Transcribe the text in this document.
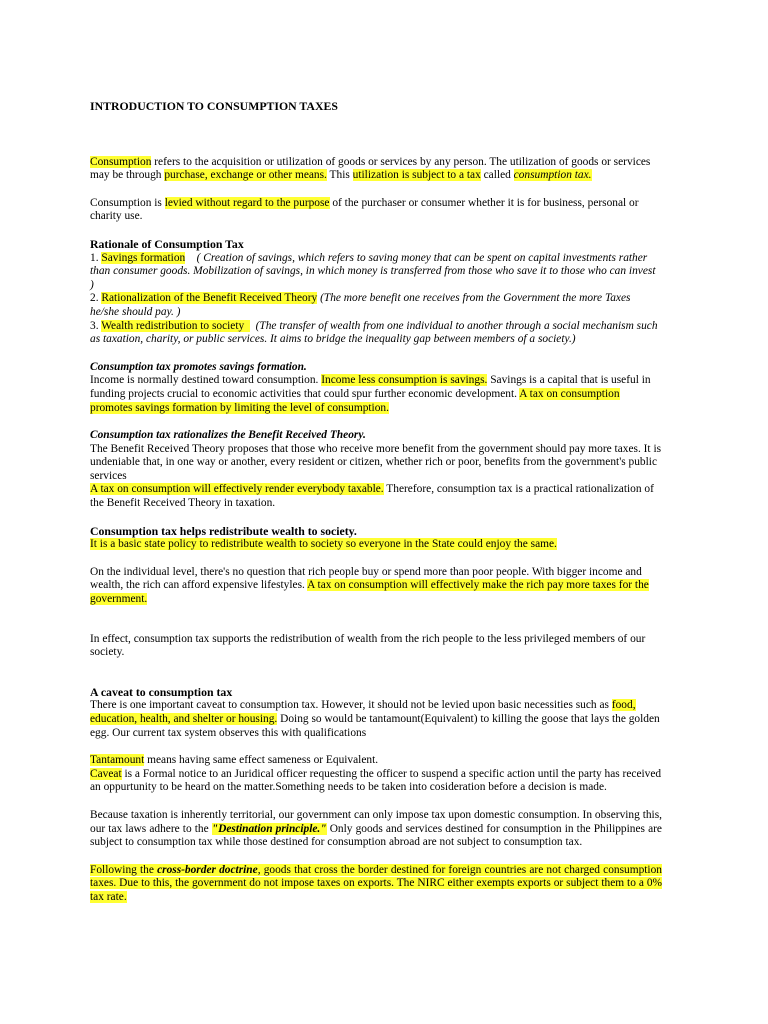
INTRODUCTION TO CONSUMPTION TAXES

Consumption refers to the acquisition or utilization of goods or services by any person. The utilization of goods or services may be through purchase, exchange or other means. This utilization is subject to a tax called consumption tax.

Consumption is levied without regard to the purpose of the purchaser or consumer whether it is for business, personal or charity use.

Rationale of Consumption Tax

1. Savings formation    ( Creation of savings, which refers to saving money that can be spent on capital investments rather than consumer goods. Mobilization of savings, in which money is transferred from those who save it to those who can invest  )

2. Rationalization of the Benefit Received Theory (The more benefit one receives from the Government the more Taxes he/she should pay. )

3. Wealth redistribution to society    (The transfer of wealth from one individual to another through a social mechanism such as taxation, charity, or public services. It aims to bridge the inequality gap between members of a society.)

Consumption tax promotes savings formation.

Income is normally destined toward consumption. Income less consumption is savings. Savings is a capital that is useful in funding projects crucial to economic activities that could spur further economic development. A tax on consumption promotes savings formation by limiting the level of consumption.

Consumption tax rationalizes the Benefit Received Theory.

The Benefit Received Theory proposes that those who receive more benefit from the government should pay more taxes. It is undeniable that, in one way or another, every resident or citizen, whether rich or poor, benefits from the government's public services

A tax on consumption will effectively render everybody taxable. Therefore, consumption tax is a practical rationalization of the Benefit Received Theory in taxation.

Consumption tax helps redistribute wealth to society.

It is a basic state policy to redistribute wealth to society so everyone in the State could enjoy the same.

On the individual level, there's no question that rich people buy or spend more than poor people. With bigger income and wealth, the rich can afford expensive lifestyles. A tax on consumption will effectively make the rich pay more taxes for the government.

In effect, consumption tax supports the redistribution of wealth from the rich people to the less privileged members of our society.

A caveat to consumption tax

There is one important caveat to consumption tax. However, it should not be levied upon basic necessities such as food, education, health, and shelter or housing. Doing so would be tantamount(Equivalent) to killing the goose that lays the golden egg. Our current tax system observes this with qualifications

Tantamount means having same effect sameness or Equivalent.

Caveat is a Formal notice to an Juridical officer requesting the officer to suspend a specific action until the party has received an oppurtunity to be heard on the matter.Something needs to be taken into cosideration before a decision is made.

Because taxation is inherently territorial, our government can only impose tax upon domestic consumption. In observing this, our tax laws adhere to the "Destination principle." Only goods and services destined for consumption in the Philippines are subject to consumption tax while those destined for consumption abroad are not subject to consumption tax.

Following the cross-border doctrine, goods that cross the border destined for foreign countries are not charged consumption taxes. Due to this, the government do not impose taxes on exports. The NIRC either exempts exports or subject them to a 0% tax rate.
